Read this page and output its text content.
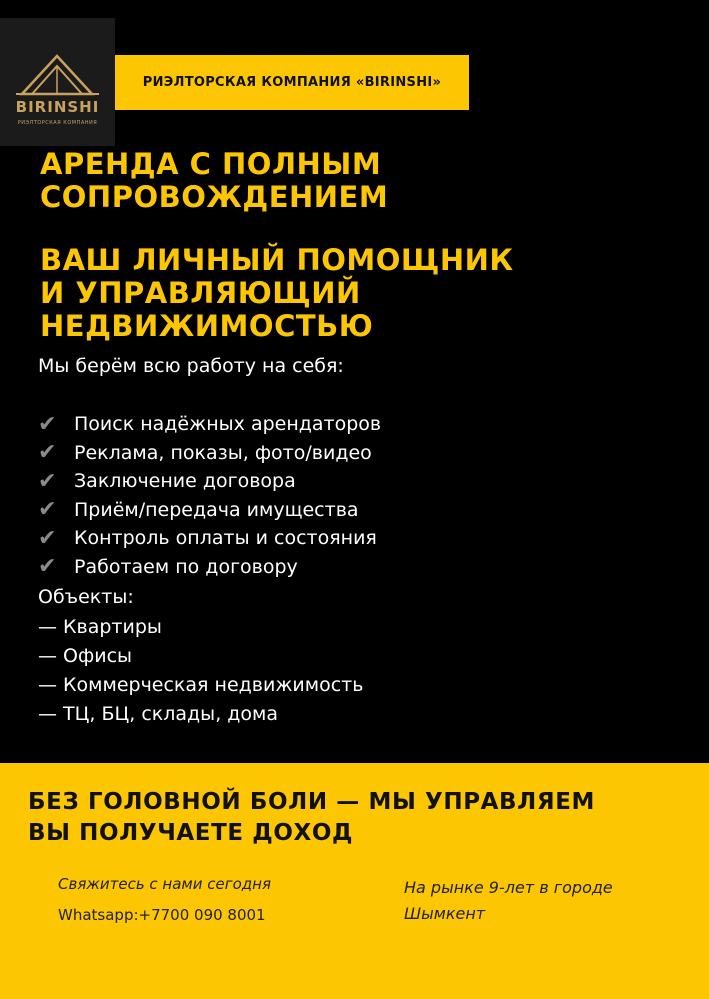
BIRINSHI
РИЭЛТОРСКАЯ КОМПАНИЯ
РИЭЛТОРСКАЯ КОМПАНИЯ «BIRINSHI»
АРЕНДА С ПОЛНЫМ
СОПРОВОЖДЕНИЕМ
ВАШ ЛИЧНЫЙ ПОМОЩНИК
И УПРАВЛЯЮЩИЙ
НЕДВИЖИМОСТЬЮ

Мы берём всю работу на себя:

✔ Поиск надёжных арендаторов
✔ Реклама, показы, фото/видео
✔ Заключение договора
✔ Приём/передача имущества
✔ Контроль оплаты и состояния
✔ Работаем по договору

Объекты:

— Квартиры
— Офисы
— Коммерческая недвижимость
— ТЦ, БЦ, склады, дома
БЕЗ ГОЛОВНОЙ БОЛИ — МЫ УПРАВЛЯЕМ
ВЫ ПОЛУЧАЕТЕ ДОХОД

Свяжитесь с нами сегодня

Whatsapp:+7700 090 8001

На рынке 9-лет в городе
Шымкент
